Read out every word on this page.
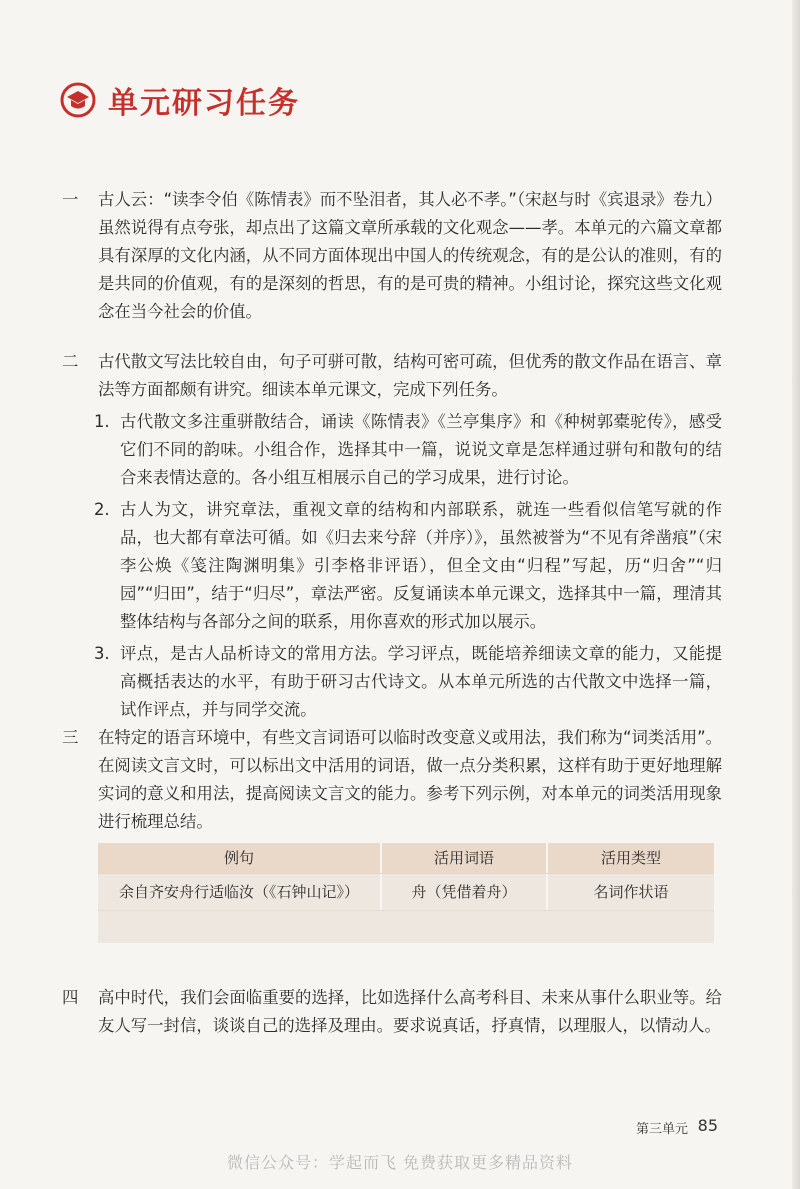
单元研习任务
一	古人云：“读李令伯《陈情表》而不坠泪者，其人必不孝。”（宋赵与时《宾退录》卷九）虽然说得有点夸张，却点出了这篇文章所承载的文化观念——孝。本单元的六篇文章都具有深厚的文化内涵，从不同方面体现出中国人的传统观念，有的是公认的准则，有的是共同的价值观，有的是深刻的哲思，有的是可贵的精神。小组讨论，探究这些文化观念在当今社会的价值。
二	古代散文写法比较自由，句子可骈可散，结构可密可疏，但优秀的散文作品在语言、章法等方面都颇有讲究。细读本单元课文，完成下列任务。
1. 古代散文多注重骈散结合，诵读《陈情表》《兰亭集序》和《种树郭橐驼传》，感受它们不同的韵味。小组合作，选择其中一篇，说说文章是怎样通过骈句和散句的结合来表情达意的。各小组互相展示自己的学习成果，进行讨论。
2. 古人为文，讲究章法，重视文章的结构和内部联系，就连一些看似信笔写就的作品，也大都有章法可循。如《归去来兮辞（并序）》，虽然被誉为“不见有斧凿痕”（宋李公焕《笺注陶渊明集》引李格非评语），但全文由“归程”写起，历“归舍”“归园”“归田”，结于“归尽”，章法严密。反复诵读本单元课文，选择其中一篇，理清其整体结构与各部分之间的联系，用你喜欢的形式加以展示。
3. 评点，是古人品析诗文的常用方法。学习评点，既能培养细读文章的能力，又能提高概括表达的水平，有助于研习古代诗文。从本单元所选的古代散文中选择一篇，试作评点，并与同学交流。
三	在特定的语言环境中，有些文言词语可以临时改变意义或用法，我们称为“词类活用”。在阅读文言文时，可以标出文中活用的词语，做一点分类积累，这样有助于更好地理解实词的意义和用法，提高阅读文言文的能力。参考下列示例，对本单元的词类活用现象进行梳理总结。
例句	活用词语	活用类型
余自齐安舟行适临汝（《石钟山记》）	舟（凭借着舟）	名词作状语
四	高中时代，我们会面临重要的选择，比如选择什么高考科目、未来从事什么职业等。给友人写一封信，谈谈自己的选择及理由。要求说真话，抒真情，以理服人，以情动人。
第三单元 85
微信公众号：学起而飞 免费获取更多精品资料
